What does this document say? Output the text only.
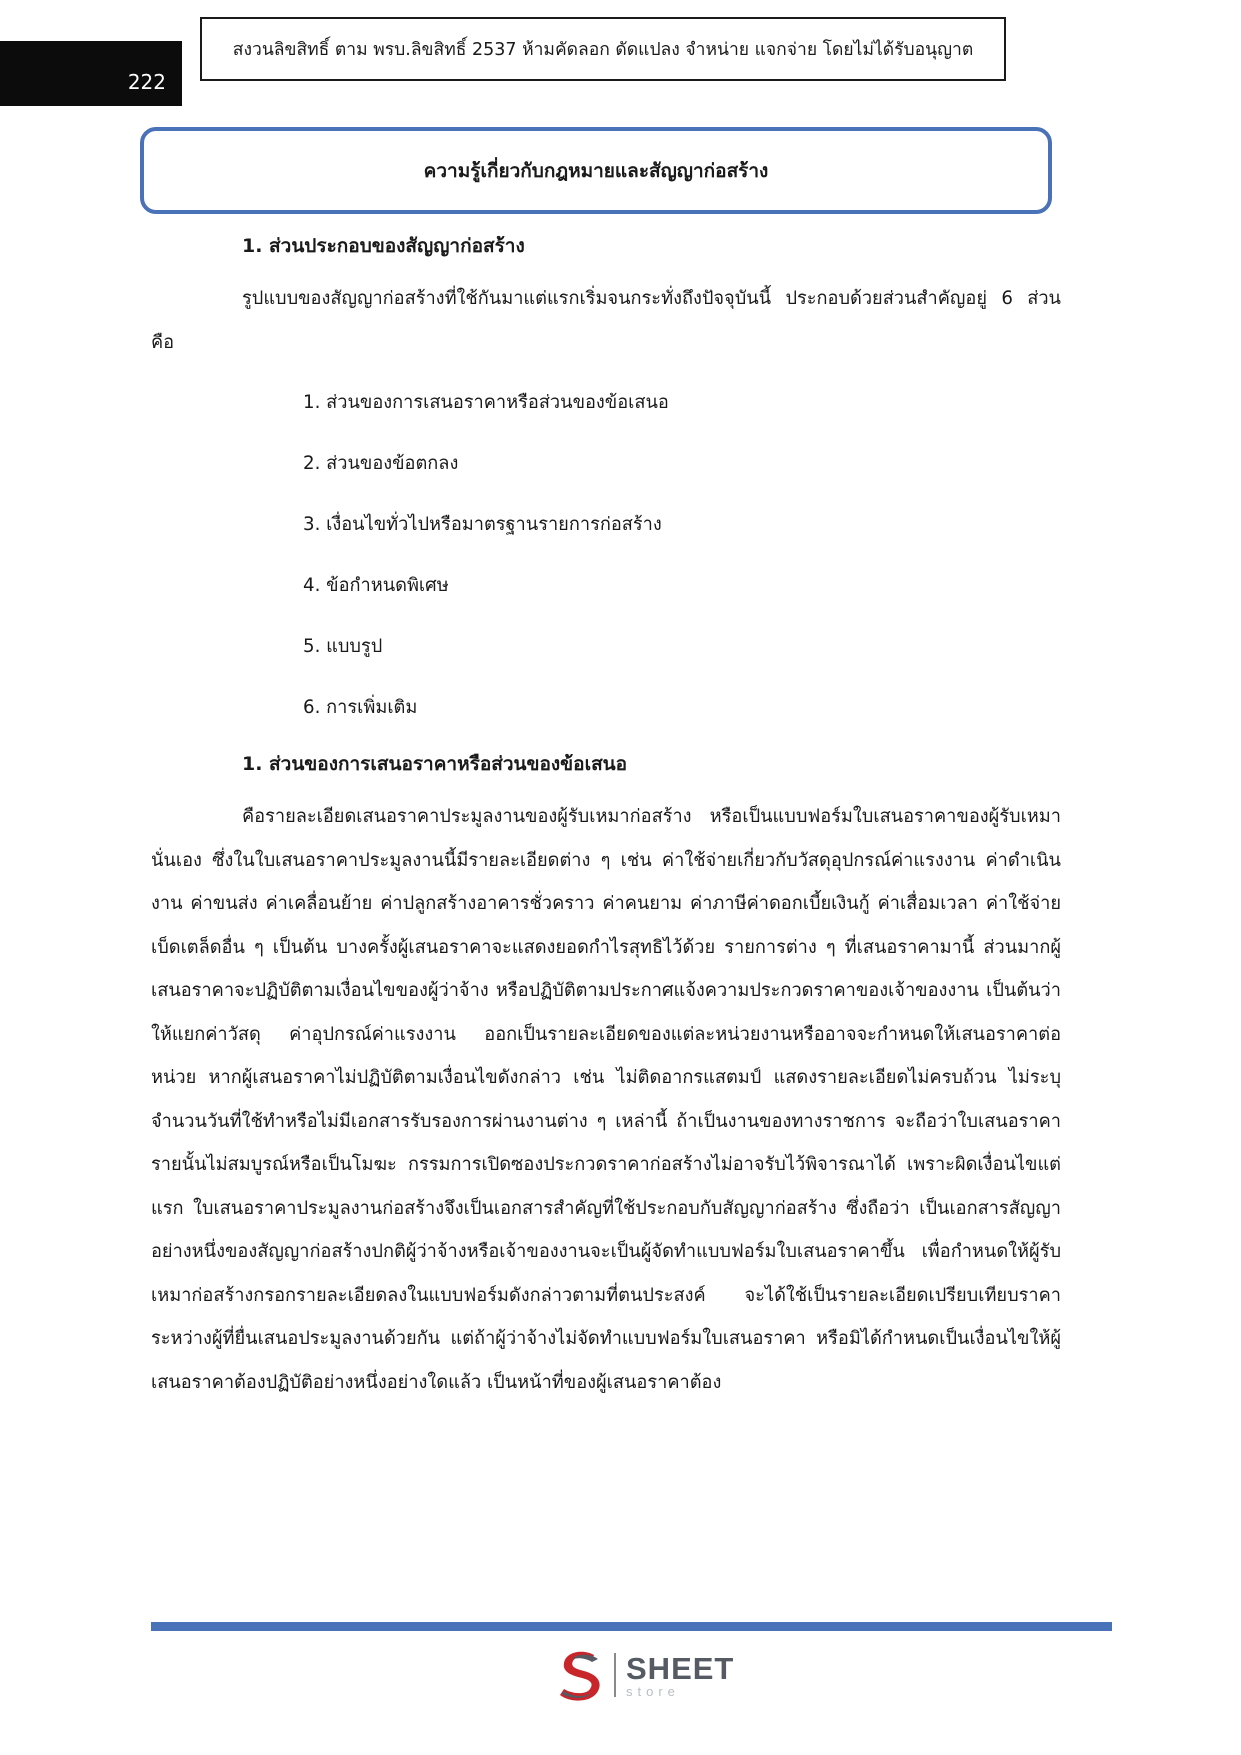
222
สงวนลิขสิทธิ์ ตาม พรบ.ลิขสิทธิ์ 2537 ห้ามคัดลอก ดัดแปลง จำหน่าย แจกจ่าย โดยไม่ได้รับอนุญาต
ความรู้เกี่ยวกับกฎหมายและสัญญาก่อสร้าง

1. ส่วนประกอบของสัญญาก่อสร้าง

รูปแบบของสัญญาก่อสร้างที่ใช้กันมาแต่แรกเริ่มจนกระทั่งถึงปัจจุบันนี้ ประกอบด้วยส่วนสำคัญอยู่ 6 ส่วน คือ

1. ส่วนของการเสนอราคาหรือส่วนของข้อเสนอ
2. ส่วนของข้อตกลง
3. เงื่อนไขทั่วไปหรือมาตรฐานรายการก่อสร้าง
4. ข้อกำหนดพิเศษ
5. แบบรูป
6. การเพิ่มเติม

1. ส่วนของการเสนอราคาหรือส่วนของข้อเสนอ

คือรายละเอียดเสนอราคาประมูลงานของผู้รับเหมาก่อสร้าง หรือเป็นแบบฟอร์มใบเสนอราคาของผู้รับเหมานั่นเอง ซึ่งในใบเสนอราคาประมูลงานนี้มีรายละเอียดต่าง ๆ เช่น ค่าใช้จ่ายเกี่ยวกับวัสดุอุปกรณ์ค่าแรงงาน ค่าดำเนินงาน ค่าขนส่ง ค่าเคลื่อนย้าย ค่าปลูกสร้างอาคารชั่วคราว ค่าคนยาม ค่าภาษีค่าดอกเบี้ยเงินกู้ ค่าเสื่อมเวลา ค่าใช้จ่ายเบ็ดเตล็ดอื่น ๆ เป็นต้น บางครั้งผู้เสนอราคาจะแสดงยอดกำไรสุทธิไว้ด้วย รายการต่าง ๆ ที่เสนอราคามานี้ ส่วนมากผู้เสนอราคาจะปฏิบัติตามเงื่อนไขของผู้ว่าจ้าง หรือปฏิบัติตามประกาศแจ้งความประกวดราคาของเจ้าของงาน เป็นต้นว่า ให้แยกค่าวัสดุ ค่าอุปกรณ์ค่าแรงงาน ออกเป็นรายละเอียดของแต่ละหน่วยงานหรืออาจจะกำหนดให้เสนอราคาต่อหน่วย หากผู้เสนอราคาไม่ปฏิบัติตามเงื่อนไขดังกล่าว เช่น ไม่ติดอากรแสตมป์ แสดงรายละเอียดไม่ครบถ้วน ไม่ระบุจำนวนวันที่ใช้ทำหรือไม่มีเอกสารรับรองการผ่านงานต่าง ๆ เหล่านี้ ถ้าเป็นงานของทางราชการ จะถือว่าใบเสนอราคารายนั้นไม่สมบูรณ์หรือเป็นโมฆะ กรรมการเปิดซองประกวดราคาก่อสร้างไม่อาจรับไว้พิจารณาได้ เพราะผิดเงื่อนไขแต่แรก ใบเสนอราคาประมูลงานก่อสร้างจึงเป็นเอกสารสำคัญที่ใช้ประกอบกับสัญญาก่อสร้าง ซึ่งถือว่า เป็นเอกสารสัญญา อย่างหนึ่งของสัญญาก่อสร้างปกติผู้ว่าจ้างหรือเจ้าของงานจะเป็นผู้จัดทำแบบฟอร์มใบเสนอราคาขึ้น เพื่อกำหนดให้ผู้รับเหมาก่อสร้างกรอกรายละเอียดลงในแบบฟอร์มดังกล่าวตามที่ตนประสงค์ จะได้ใช้เป็นรายละเอียดเปรียบเทียบราคาระหว่างผู้ที่ยื่นเสนอประมูลงานด้วยกัน แต่ถ้าผู้ว่าจ้างไม่จัดทำแบบฟอร์มใบเสนอราคา หรือมิได้กำหนดเป็นเงื่อนไขให้ผู้เสนอราคาต้องปฏิบัติอย่างหนึ่งอย่างใดแล้ว เป็นหน้าที่ของผู้เสนอราคาต้อง

SHEET
store
